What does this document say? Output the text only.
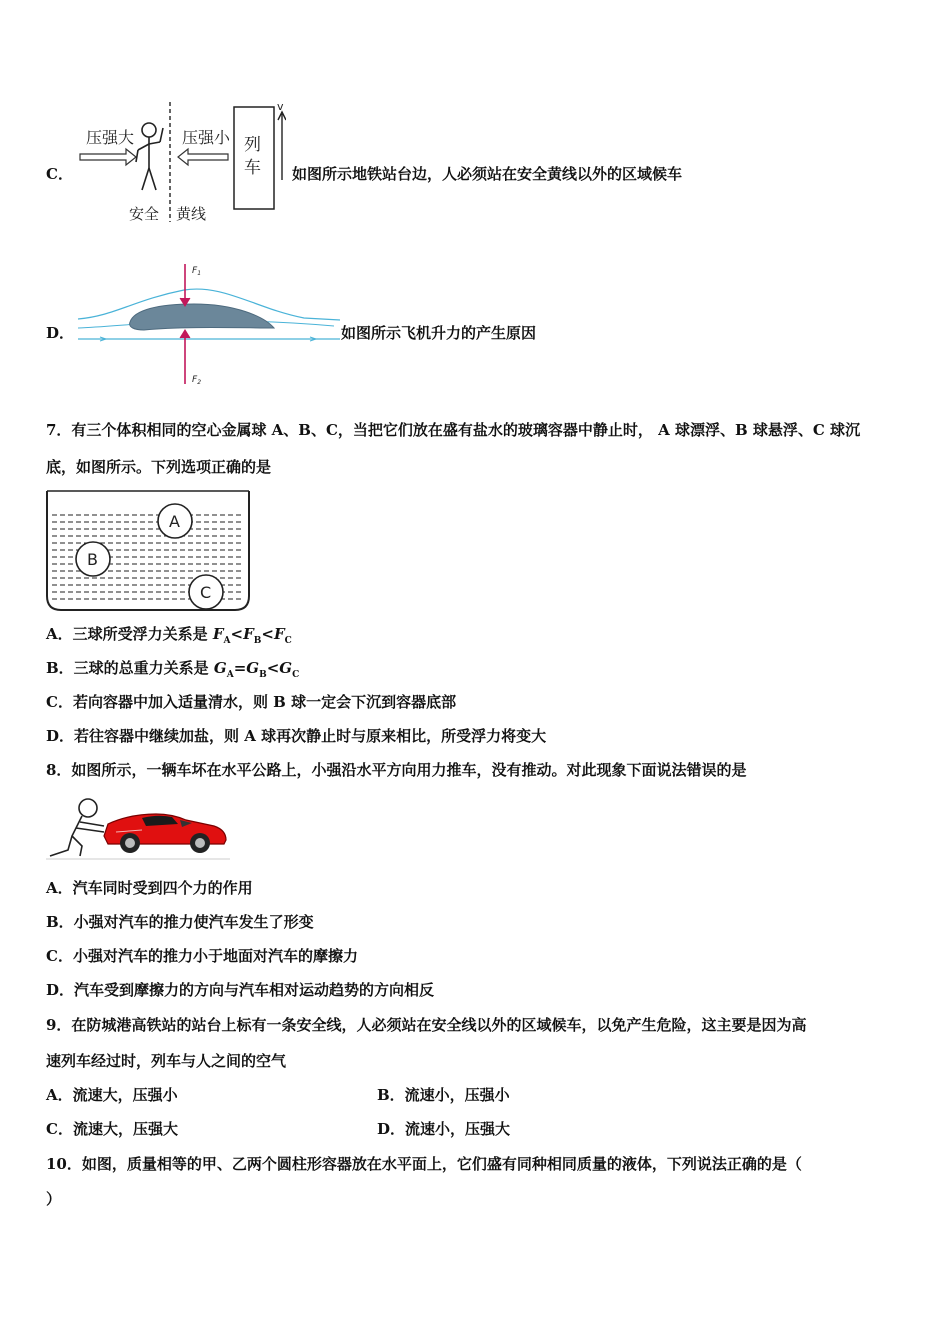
C．
压强大	压强小 列
车
v
安全 黄线
如图所示地铁站台边，人必须站在安全黄线以外的区域候车
D．
$F_1$
$F_2$
如图所示飞机升力的产生原因
7．有三个体积相同的空心金属球 A、B、C，当把它们放在盛有盐水的玻璃容器中静止时， A 球漂浮、B 球悬浮、C 球沉
底，如图所示。下列选项正确的是
A
B
C
A．三球所受浮力关系是 $F_A<F_B<F_C$
B．三球的总重力关系是 $G_A=G_B<G_C$
C．若向容器中加入适量清水，则 B 球一定会下沉到容器底部
D．若往容器中继续加盐，则 A 球再次静止时与原来相比，所受浮力将变大
8．如图所示，一辆车坏在水平公路上，小强沿水平方向用力推车，没有推动。对此现象下面说法错误的是
A．汽车同时受到四个力的作用
B．小强对汽车的推力使汽车发生了形变
C．小强对汽车的推力小于地面对汽车的摩擦力
D．汽车受到摩擦力的方向与汽车相对运动趋势的方向相反
9．在防城港高铁站的站台上标有一条安全线，人必须站在安全线以外的区域候车，以免产生危险，这主要是因为高
速列车经过时，列车与人之间的空气
A．流速大，压强小	B．流速小，压强小
C．流速大，压强大	D．流速小，压强大
10．如图，质量相等的甲、乙两个圆柱形容器放在水平面上，它们盛有同种相同质量的液体，下列说法正确的是（
）
